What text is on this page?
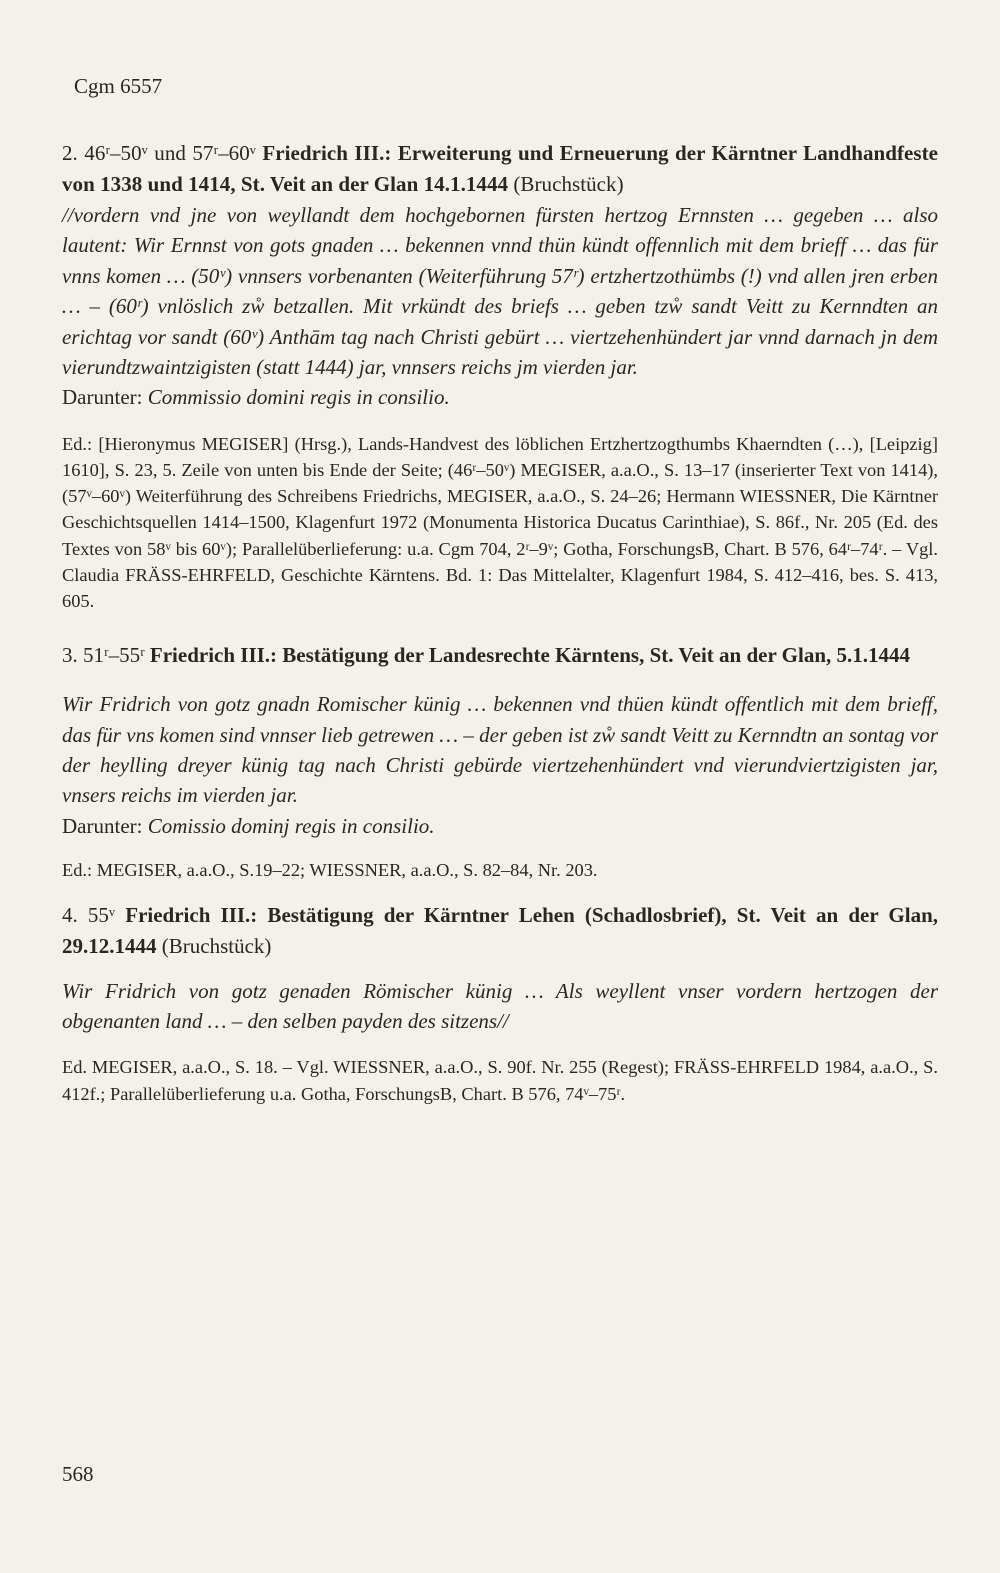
Cgm 6557

2. 46ʳ–50ᵛ und 57ʳ–60ᵛ Friedrich III.: Erweiterung und Erneuerung der Kärntner Landhandfeste von 1338 und 1414, St. Veit an der Glan 14.1.1444 (Bruchstück)

//vordern vnd jne von weyllandt dem hochgebornen fürsten hertzog Ernnsten … gegeben … also lautent: Wir Ernnst von gots gnaden … bekennen vnnd thün kündt offennlich mit dem brieff … das für vnns komen … (50ᵛ) vnnsers vorbenanten (Weiterführung 57ʳ) ertzhertzothümbs (!) vnd allen jren erben … – (60ʳ) vnlöslich zẘ betzallen. Mit vrkündt des briefs … geben tzẘ sandt Veitt zu Kernndten an erichtag vor sandt (60ᵛ) Anthām tag nach Christi gebürt … viertzehenhündert jar vnnd darnach jn dem vierundtzwaintzigisten (statt 1444) jar, vnnsers reichs jm vierden jar.

Darunter: Commissio domini regis in consilio.

Ed.: [Hieronymus MEGISER] (Hrsg.), Lands-Handvest des löblichen Ertzhertzogthumbs Khaerndten (…), [Leipzig] 1610], S. 23, 5. Zeile von unten bis Ende der Seite; (46ʳ–50ᵛ) MEGISER, a.a.O., S. 13–17 (inserierter Text von 1414), (57ᵛ–60ᵛ) Weiterführung des Schreibens Friedrichs, MEGISER, a.a.O., S. 24–26; Hermann WIESSNER, Die Kärntner Geschichtsquellen 1414–1500, Klagenfurt 1972 (Monumenta Historica Ducatus Carinthiae), S. 86f., Nr. 205 (Ed. des Textes von 58ᵛ bis 60ᵛ); Parallelüberlieferung: u.a. Cgm 704, 2ʳ–9ᵛ; Gotha, ForschungsB, Chart. B 576, 64ʳ–74ʳ. – Vgl. Claudia FRÄSS-EHRFELD, Geschichte Kärntens. Bd. 1: Das Mittelalter, Klagenfurt 1984, S. 412–416, bes. S. 413, 605.

3. 51ʳ–55ʳ Friedrich III.: Bestätigung der Landesrechte Kärntens, St. Veit an der Glan, 5.1.1444

Wir Fridrich von gotz gnadn Romischer künig … bekennen vnd thüen kündt offentlich mit dem brieff, das für vns komen sind vnnser lieb getrewen … – der geben ist zẘ sandt Veitt zu Kernndtn an sontag vor der heylling dreyer künig tag nach Christi gebürde viertzehenhündert vnd vierundviertzigisten jar, vnsers reichs im vierden jar.

Darunter: Comissio dominj regis in consilio.

Ed.: MEGISER, a.a.O., S.19–22; WIESSNER, a.a.O., S. 82–84, Nr. 203.

4. 55ᵛ Friedrich III.: Bestätigung der Kärntner Lehen (Schadlosbrief), St. Veit an der Glan, 29.12.1444 (Bruchstück)

Wir Fridrich von gotz genaden Römischer künig … Als weyllent vnser vordern hertzogen der obgenanten land … – den selben payden des sitzens//

Ed. MEGISER, a.a.O., S. 18. – Vgl. WIESSNER, a.a.O., S. 90f. Nr. 255 (Regest); FRÄSS-EHRFELD 1984, a.a.O., S. 412f.; Parallelüberlieferung u.a. Gotha, ForschungsB, Chart. B 576, 74ᵛ–75ʳ.

568
